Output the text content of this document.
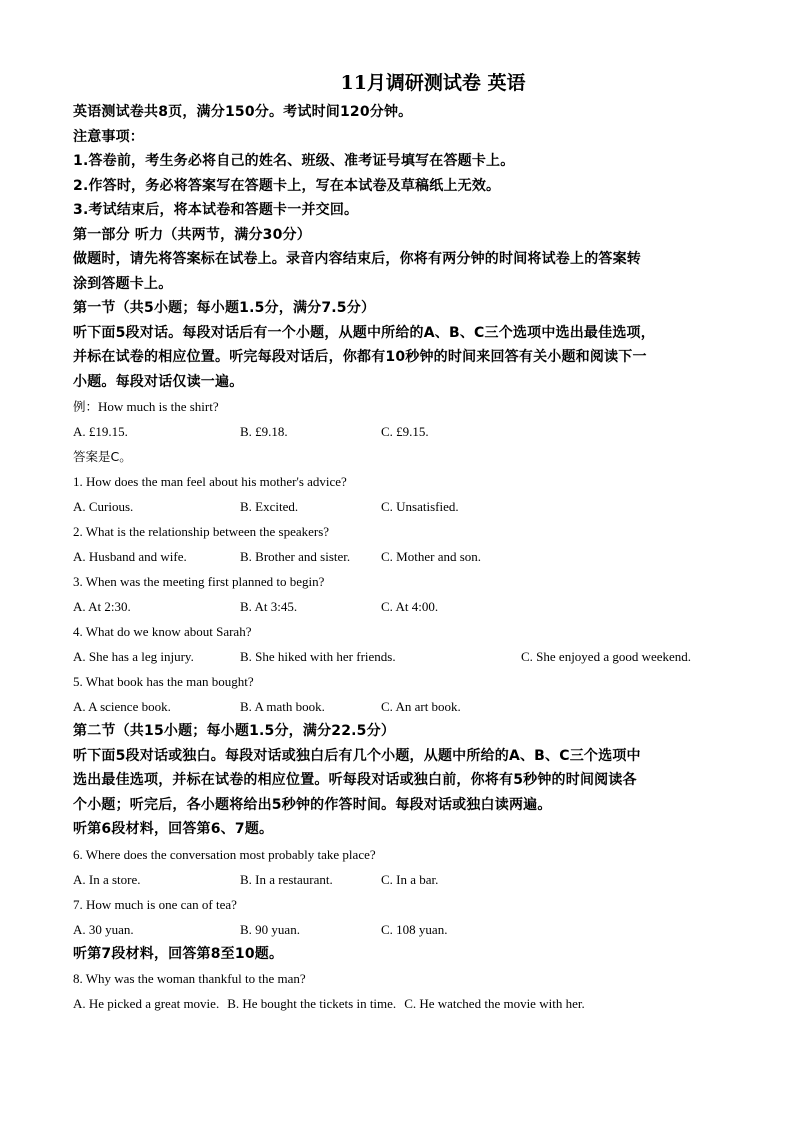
11月调研测试卷 英语

英语测试卷共8页，满分150分。考试时间120分钟。

注意事项：

1.答卷前，考生务必将自己的姓名、班级、准考证号填写在答题卡上。

2.作答时，务必将答案写在答题卡上，写在本试卷及草稿纸上无效。

3.考试结束后，将本试卷和答题卡一并交回。

第一部分 听力（共两节，满分30分）

做题时，请先将答案标在试卷上。录音内容结束后，你将有两分钟的时间将试卷上的答案转

涂到答题卡上。

第一节（共5小题；每小题1.5分，满分7.5分）

听下面5段对话。每段对话后有一个小题，从题中所给的A、B、C三个选项中选出最佳选项，

并标在试卷的相应位置。听完每段对话后，你都有10秒钟的时间来回答有关小题和阅读下一

小题。每段对话仅读一遍。

例：How much is the shirt?

A. £19.15.	B. £9.18.	C. £9.15.

答案是C。

1. How does the man feel about his mother's advice?

A. Curious.	B. Excited.	C. Unsatisfied.

2. What is the relationship between the speakers?

A. Husband and wife.	B. Brother and sister.	C. Mother and son.

3. When was the meeting first planned to begin?

A. At 2:30.	B. At 3:45.	C. At 4:00.

4. What do we know about Sarah?

A. She has a leg injury.	B. She hiked with her friends.	C. She enjoyed a good weekend.

5. What book has the man bought?

A. A science book.	B. A math book.	C. An art book.

第二节（共15小题；每小题1.5分，满分22.5分）

听下面5段对话或独白。每段对话或独白后有几个小题，从题中所给的A、B、C三个选项中

选出最佳选项，并标在试卷的相应位置。听每段对话或独白前，你将有5秒钟的时间阅读各

个小题；听完后，各小题将给出5秒钟的作答时间。每段对话或独白读两遍。

听第6段材料，回答第6、7题。

6. Where does the conversation most probably take place?

A. In a store.	B. In a restaurant.	C. In a bar.

7. How much is one can of tea?

A. 30 yuan.	B. 90 yuan.	C. 108 yuan.

听第7段材料，回答第8至10题。

8. Why was the woman thankful to the man?

A. He picked a great movie. B. He bought the tickets in time. C. He watched the movie with her.
